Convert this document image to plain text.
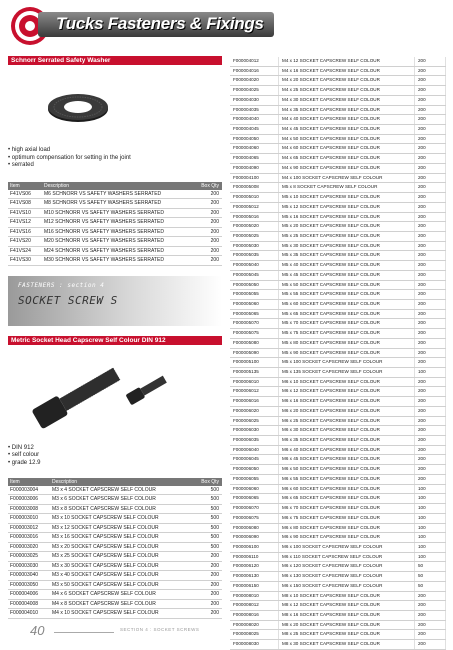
Tucks Fasteners & Fixings
Schnorr Serrated Safety Washer
• high axial load
• optimum compensation for setting in the joint
• serrated
Item	Description	Box Qty
F41VS06	M6 SCHNORR VS SAFETY WASHERS SERRATED	200
F41VS08	M8 SCHNORR VS SAFETY WASHERS SERRATED	200
F41VS10	M10 SCHNORR VS SAFETY WASHERS SERRATED	200
F41VS12	M12 SCHNORR VS SAFETY WASHERS SERRATED	200
F41VS16	M16 SCHNORR VS SAFETY WASHERS SERRATED	200
F41VS20	M20 SCHNORR VS SAFETY WASHERS SERRATED	200
F41VS24	M24 SCHNORR VS SAFETY WASHERS SERRATED	200
F41VS30	M30 SCHNORR VS SAFETY WASHERS SERRATED	200
FASTENERS : section 4
SOCKET SCREW S
Metric Socket Head Capscrew Self Colour DIN 912
• DIN 912
• self colour
• grade 12.9
Item	Description	Box Qty
F000003004	M3 x 4 SOCKET CAPSCREW SELF COLOUR	500
F000003006	M3 x 6 SOCKET CAPSCREW SELF COLOUR	500
F000003008	M3 x 8 SOCKET CAPSCREW SELF COLOUR	500
F000003010	M3 x 10 SOCKET CAPSCREW SELF COLOUR	500
F000003012	M3 x 12 SOCKET CAPSCREW SELF COLOUR	500
F000003016	M3 x 16 SOCKET CAPSCREW SELF COLOUR	500
F000003020	M3 x 20 SOCKET CAPSCREW SELF COLOUR	500
F000003025	M3 x 25 SOCKET CAPSCREW SELF COLOUR	200
F000003030	M3 x 30 SOCKET CAPSCREW SELF COLOUR	200
F000003040	M3 x 40 SOCKET CAPSCREW SELF COLOUR	200
F000003050	M3 x 50 SOCKET CAPSCREW SELF COLOUR	200
F000004006	M4 x 6 SOCKET CAPSCREW SELF COLOUR	200
F000004008	M4 x 8 SOCKET CAPSCREW SELF COLOUR	200
F000004010	M4 x 10 SOCKET CAPSCREW SELF COLOUR	200
F000004012	M4 x 12 SOCKET CAPSCREW SELF COLOUR	200
F000004016	M4 x 16 SOCKET CAPSCREW SELF COLOUR	200
F000004020	M4 x 20 SOCKET CAPSCREW SELF COLOUR	200
F000004025	M4 x 25 SOCKET CAPSCREW SELF COLOUR	200
F000004030	M4 x 30 SOCKET CAPSCREW SELF COLOUR	200
F000004035	M4 x 35 SOCKET CAPSCREW SELF COLOUR	200
F000004040	M4 x 40 SOCKET CAPSCREW SELF COLOUR	200
F000004045	M4 x 45 SOCKET CAPSCREW SELF COLOUR	200
F000004050	M4 x 50 SOCKET CAPSCREW SELF COLOUR	200
F000004060	M4 x 60 SOCKET CAPSCREW SELF COLOUR	200
F000004065	M4 x 65 SOCKET CAPSCREW SELF COLOUR	200
F000004090	M4 x 90 SOCKET CAPSCREW SELF COLOUR	200
F000004100	M4 x 100 SOCKET CAPSCREW SELF COLOUR	200
F000005008	M5 x 8 SOCKET CAPSCREW SELF COLOUR	200
F000005010	M5 x 10 SOCKET CAPSCREW SELF COLOUR	200
F000005012	M5 x 12 SOCKET CAPSCREW SELF COLOUR	200
F000005016	M5 x 16 SOCKET CAPSCREW SELF COLOUR	200
F000005020	M5 x 20 SOCKET CAPSCREW SELF COLOUR	200
F000005025	M5 x 25 SOCKET CAPSCREW SELF COLOUR	200
F000005030	M5 x 30 SOCKET CAPSCREW SELF COLOUR	200
F000005035	M5 x 35 SOCKET CAPSCREW SELF COLOUR	200
F000005040	M5 x 40 SOCKET CAPSCREW SELF COLOUR	200
F000005045	M5 x 45 SOCKET CAPSCREW SELF COLOUR	200
F000005050	M5 x 50 SOCKET CAPSCREW SELF COLOUR	200
F000005055	M5 x 55 SOCKET CAPSCREW SELF COLOUR	200
F000005060	M5 x 60 SOCKET CAPSCREW SELF COLOUR	200
F000005065	M5 x 65 SOCKET CAPSCREW SELF COLOUR	200
F000005070	M5 x 70 SOCKET CAPSCREW SELF COLOUR	200
F000005075	M5 x 75 SOCKET CAPSCREW SELF COLOUR	200
F000005080	M5 x 80 SOCKET CAPSCREW SELF COLOUR	200
F000005090	M5 x 90 SOCKET CAPSCREW SELF COLOUR	200
F000005100	M5 x 100 SOCKET CAPSCREW SELF COLOUR	200
F000005135	M5 x 135 SOCKET CAPSCREW SELF COLOUR	100
F000006010	M6 x 10 SOCKET CAPSCREW SELF COLOUR	200
F000006012	M6 x 12 SOCKET CAPSCREW SELF COLOUR	200
F000006016	M6 x 16 SOCKET CAPSCREW SELF COLOUR	200
F000006020	M6 x 20 SOCKET CAPSCREW SELF COLOUR	200
F000006025	M6 x 25 SOCKET CAPSCREW SELF COLOUR	200
F000006030	M6 x 30 SOCKET CAPSCREW SELF COLOUR	200
F000006035	M6 x 35 SOCKET CAPSCREW SELF COLOUR	200
F000006040	M6 x 40 SOCKET CAPSCREW SELF COLOUR	200
F000006045	M6 x 45 SOCKET CAPSCREW SELF COLOUR	200
F000006050	M6 x 50 SOCKET CAPSCREW SELF COLOUR	200
F000006055	M6 x 55 SOCKET CAPSCREW SELF COLOUR	200
F000006060	M6 x 60 SOCKET CAPSCREW SELF COLOUR	100
F000006065	M6 x 65 SOCKET CAPSCREW SELF COLOUR	100
F000006070	M6 x 70 SOCKET CAPSCREW SELF COLOUR	100
F000006075	M6 x 75 SOCKET CAPSCREW SELF COLOUR	100
F000006080	M6 x 80 SOCKET CAPSCREW SELF COLOUR	100
F000006090	M6 x 90 SOCKET CAPSCREW SELF COLOUR	100
F000006100	M6 x 100 SOCKET CAPSCREW SELF COLOUR	100
F000006110	M6 x 110 SOCKET CAPSCREW SELF COLOUR	100
F000006120	M6 x 120 SOCKET CAPSCREW SELF COLOUR	50
F000006130	M6 x 130 SOCKET CAPSCREW SELF COLOUR	50
F000006150	M6 x 150 SOCKET CAPSCREW SELF COLOUR	50
F000008010	M8 x 10 SOCKET CAPSCREW SELF COLOUR	200
F000008012	M8 x 12 SOCKET CAPSCREW SELF COLOUR	200
F000008016	M8 x 16 SOCKET CAPSCREW SELF COLOUR	200
F000008020	M8 x 20 SOCKET CAPSCREW SELF COLOUR	200
F000008025	M8 x 25 SOCKET CAPSCREW SELF COLOUR	200
F000008030	M8 x 30 SOCKET CAPSCREW SELF COLOUR	200
40	SECTION 4 : SOCKET SCREWS
